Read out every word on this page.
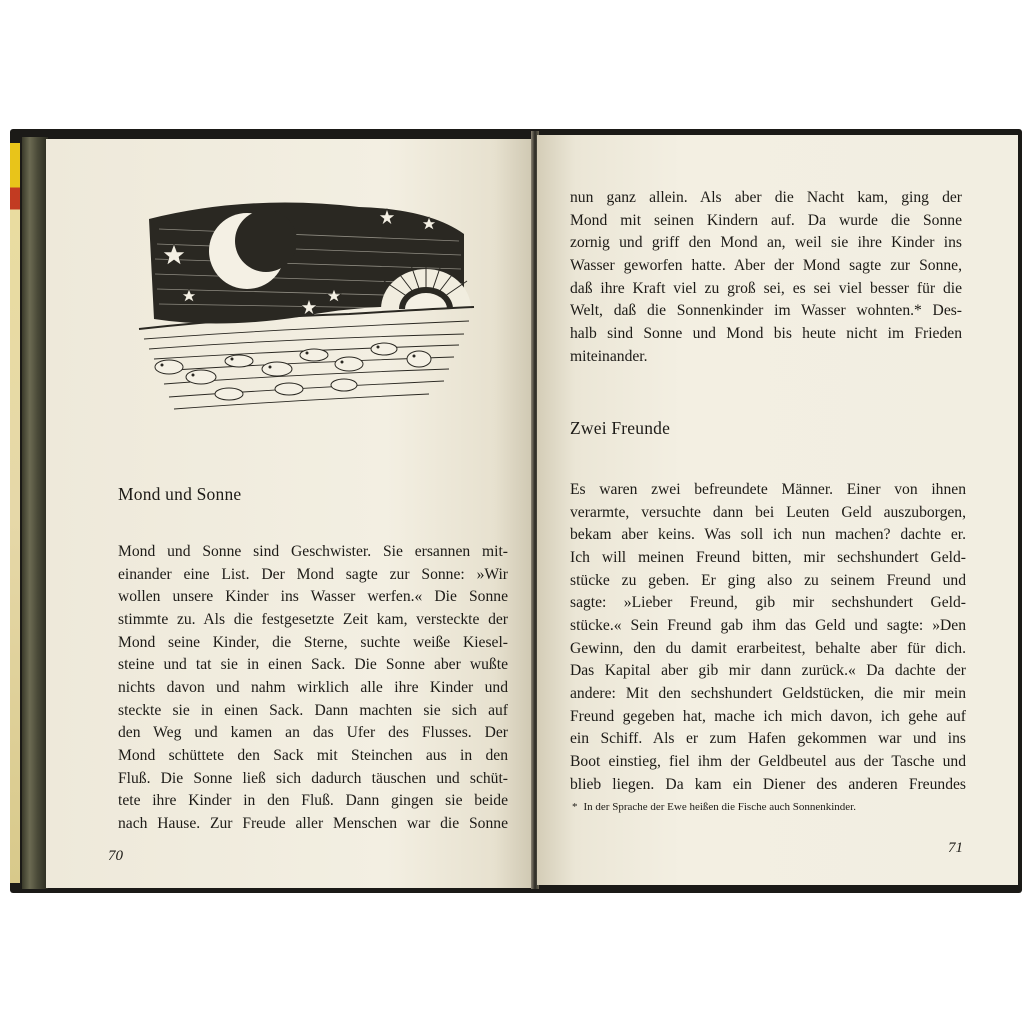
Mond und Sonne
Mond und Sonne sind Geschwister. Sie ersannen mit-
einander eine List. Der Mond sagte zur Sonne: »Wir
wollen unsere Kinder ins Wasser werfen.« Die Sonne
stimmte zu. Als die festgesetzte Zeit kam, versteckte der
Mond seine Kinder, die Sterne, suchte weiße Kiesel-
steine und tat sie in einen Sack. Die Sonne aber wußte
nichts davon und nahm wirklich alle ihre Kinder und
steckte sie in einen Sack. Dann machten sie sich auf
den Weg und kamen an das Ufer des Flusses. Der
Mond schüttete den Sack mit Steinchen aus in den
Fluß. Die Sonne ließ sich dadurch täuschen und schüt-
tete ihre Kinder in den Fluß. Dann gingen sie beide
nach Hause. Zur Freude aller Menschen war die Sonne

70

nun ganz allein. Als aber die Nacht kam, ging der
Mond mit seinen Kindern auf. Da wurde die Sonne
zornig und griff den Mond an, weil sie ihre Kinder ins
Wasser geworfen hatte. Aber der Mond sagte zur Sonne,
daß ihre Kraft viel zu groß sei, es sei viel besser für die
Welt, daß die Sonnenkinder im Wasser wohnten.* Des-
halb sind Sonne und Mond bis heute nicht im Frieden
miteinander.
Zwei Freunde
Es waren zwei befreundete Männer. Einer von ihnen
verarmte, versuchte dann bei Leuten Geld auszuborgen,
bekam aber keins. Was soll ich nun machen? dachte er.
Ich will meinen Freund bitten, mir sechshundert Geld-
stücke zu geben. Er ging also zu seinem Freund und
sagte: »Lieber Freund, gib mir sechshundert Geld-
stücke.« Sein Freund gab ihm das Geld und sagte: »Den
Gewinn, den du damit erarbeitest, behalte aber für dich.
Das Kapital aber gib mir dann zurück.« Da dachte der
andere: Mit den sechshundert Geldstücken, die mir mein
Freund gegeben hat, mache ich mich davon, ich gehe auf
ein Schiff. Als er zum Hafen gekommen war und ins
Boot einstieg, fiel ihm der Geldbeutel aus der Tasche und
blieb liegen. Da kam ein Diener des anderen Freundes

* In der Sprache der Ewe heißen die Fische auch Sonnenkinder.

71
